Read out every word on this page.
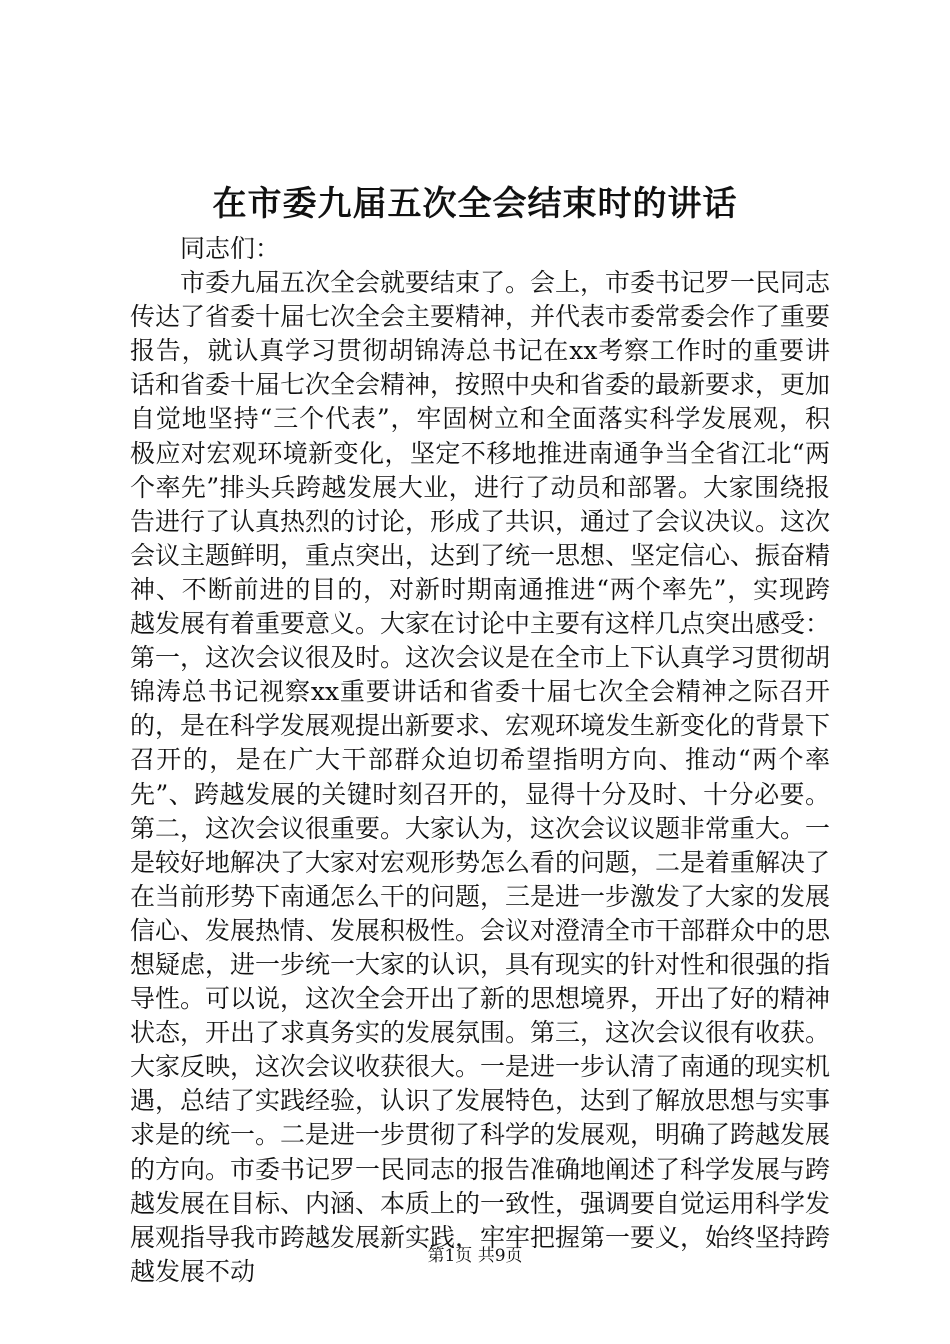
在市委九届五次全会结束时的讲话

同志们：

市委九届五次全会就要结束了。会上，市委书记罗一民同志传达了省委十届七次全会主要精神，并代表市委常委会作了重要报告，就认真学习贯彻胡锦涛总书记在xx考察工作时的重要讲话和省委十届七次全会精神，按照中央和省委的最新要求，更加自觉地坚持“三个代表”，牢固树立和全面落实科学发展观，积极应对宏观环境新变化，坚定不移地推进南通争当全省江北“两个率先”排头兵跨越发展大业，进行了动员和部署。大家围绕报告进行了认真热烈的讨论，形成了共识，通过了会议决议。这次会议主题鲜明，重点突出，达到了统一思想、坚定信心、振奋精神、不断前进的目的，对新时期南通推进“两个率先”，实现跨越发展有着重要意义。大家在讨论中主要有这样几点突出感受：第一，这次会议很及时。这次会议是在全市上下认真学习贯彻胡锦涛总书记视察xx重要讲话和省委十届七次全会精神之际召开的，是在科学发展观提出新要求、宏观环境发生新变化的背景下召开的，是在广大干部群众迫切希望指明方向、推动“两个率先”、跨越发展的关键时刻召开的，显得十分及时、十分必要。第二，这次会议很重要。大家认为，这次会议议题非常重大。一是较好地解决了大家对宏观形势怎么看的问题，二是着重解决了在当前形势下南通怎么干的问题，三是进一步激发了大家的发展信心、发展热情、发展积极性。会议对澄清全市干部群众中的思想疑虑，进一步统一大家的认识，具有现实的针对性和很强的指导性。可以说，这次全会开出了新的思想境界，开出了好的精神状态，开出了求真务实的发展氛围。第三，这次会议很有收获。大家反映，这次会议收获很大。一是进一步认清了南通的现实机遇，总结了实践经验，认识了发展特色，达到了解放思想与实事求是的统一。二是进一步贯彻了科学的发展观，明确了跨越发展的方向。市委书记罗一民同志的报告准确地阐述了科学发展与跨越发展在目标、内涵、本质上的一致性，强调要自觉运用科学发展观指导我市跨越发展新实践，牢牢把握第一要义，始终坚持跨越发展不动

第1页 共9页
